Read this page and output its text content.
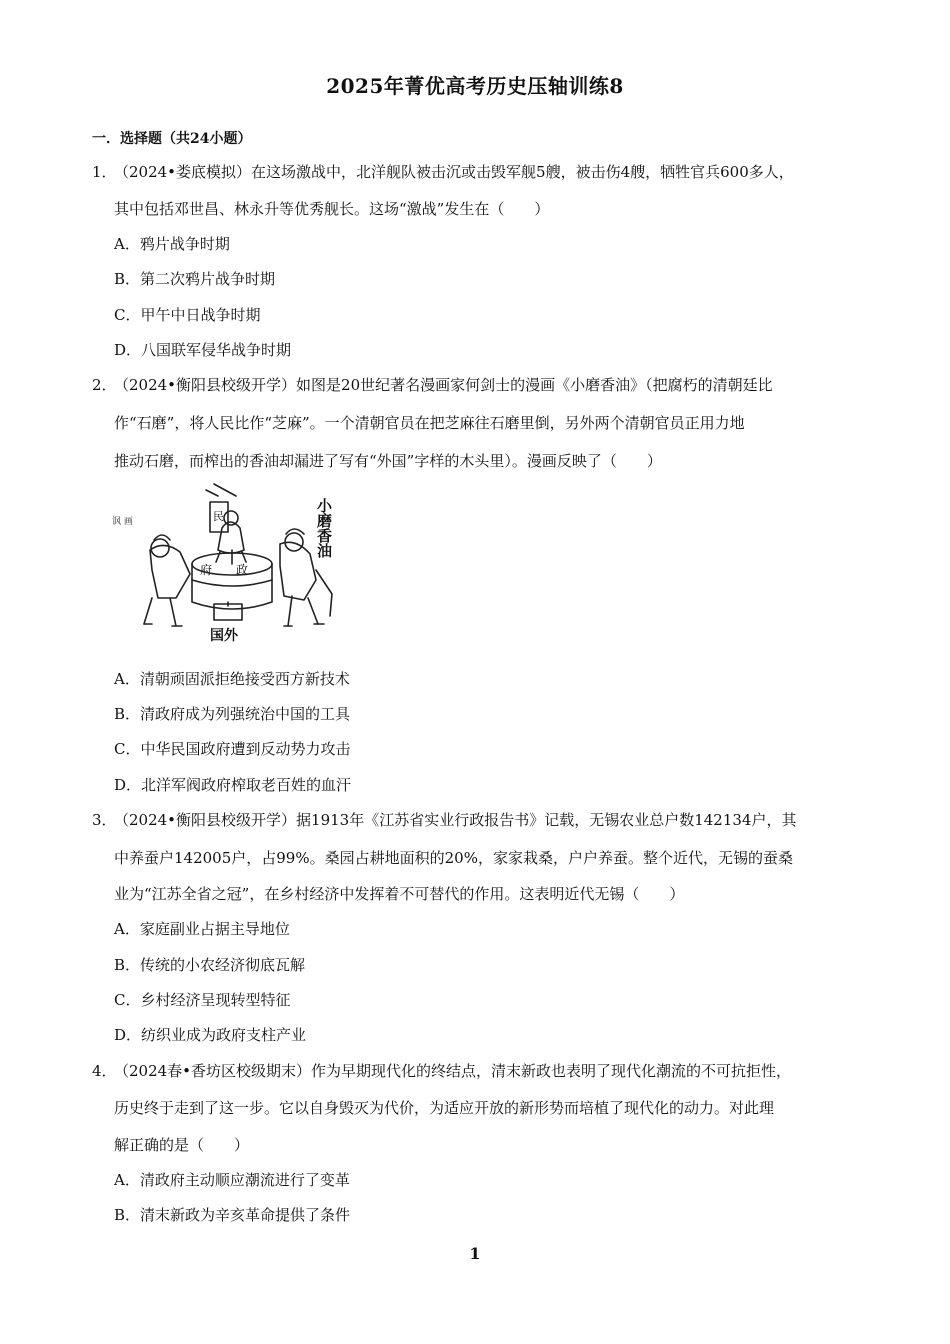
2025年菁优高考历史压轴训练8
一．选择题（共24小题）
1．（2024•娄底模拟）在这场激战中，北洋舰队被击沉或击毁军舰5艘，被击伤4艘，牺牲官兵600多人，
其中包括邓世昌、林永升等优秀舰长。这场“激战”发生在（　　）
A．鸦片战争时期
B．第二次鸦片战争时期
C．甲午中日战争时期
D．八国联军侵华战争时期
2．（2024•衡阳县校级开学）如图是20世纪著名漫画家何剑士的漫画《小磨香油》（把腐朽的清朝廷比
作“石磨”，将人民比作“芝麻”。一个清朝官员在把芝麻往石磨里倒，另外两个清朝官员正用力地
推动石磨，而榨出的香油却漏进了写有“外国”字样的木头里）。漫画反映了（　　）
民
府 政
国外
讽 画	小磨香油
A．清朝顽固派拒绝接受西方新技术
B．清政府成为列强统治中国的工具
C．中华民国政府遭到反动势力攻击
D．北洋军阀政府榨取老百姓的血汗
3．（2024•衡阳县校级开学）据1913年《江苏省实业行政报告书》记载，无锡农业总户数142134户，其
中养蚕户142005户，占99%。桑园占耕地面积的20%，家家栽桑，户户养蚕。整个近代，无锡的蚕桑
业为“江苏全省之冠”，在乡村经济中发挥着不可替代的作用。这表明近代无锡（　　）
A．家庭副业占据主导地位
B．传统的小农经济彻底瓦解
C．乡村经济呈现转型特征
D．纺织业成为政府支柱产业
4．（2024春•香坊区校级期末）作为早期现代化的终结点，清末新政也表明了现代化潮流的不可抗拒性，
历史终于走到了这一步。它以自身毁灭为代价，为适应开放的新形势而培植了现代化的动力。对此理
解正确的是（　　）
A．清政府主动顺应潮流进行了变革
B．清末新政为辛亥革命提供了条件
1
